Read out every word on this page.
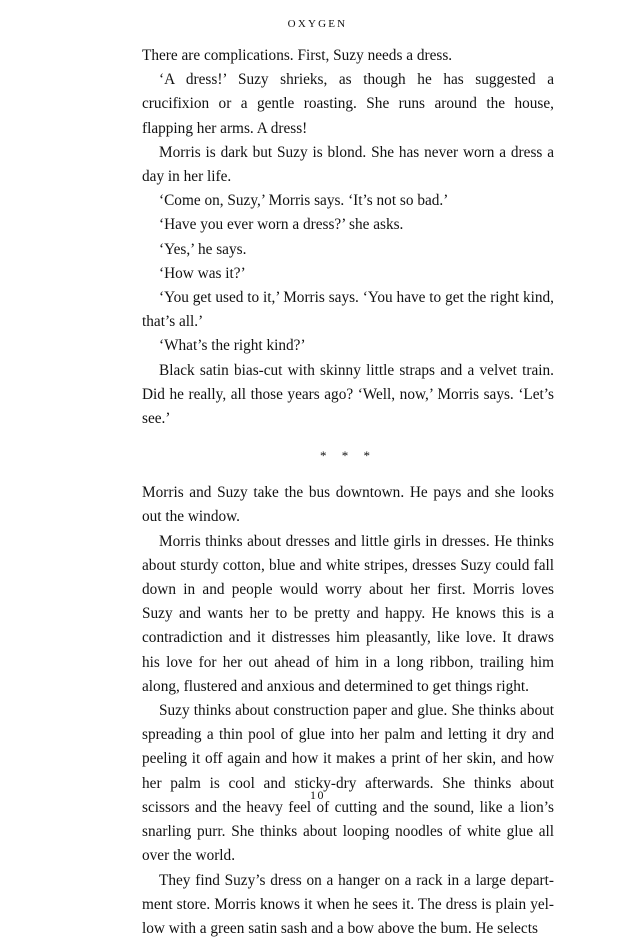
OXYGEN

There are complications. First, Suzy needs a dress.

‘A dress!’ Suzy shrieks, as though he has suggested a crucifixion or a gentle roasting. She runs around the house, flapping her arms. A dress!

Morris is dark but Suzy is blond. She has never worn a dress a day in her life.

‘Come on, Suzy,’ Morris says. ‘It’s not so bad.’

‘Have you ever worn a dress?’ she asks.

‘Yes,’ he says.

‘How was it?’

‘You get used to it,’ Morris says. ‘You have to get the right kind, that’s all.’

‘What’s the right kind?’

Black satin bias-cut with skinny little straps and a velvet train. Did he really, all those years ago? ‘Well, now,’ Morris says. ‘Let’s see.’

* * *

Morris and Suzy take the bus downtown. He pays and she looks out the window.

Morris thinks about dresses and little girls in dresses. He thinks about sturdy cotton, blue and white stripes, dresses Suzy could fall down in and people would worry about her first. Morris loves Suzy and wants her to be pretty and happy. He knows this is a contradiction and it distresses him pleasantly, like love. It draws his love for her out ahead of him in a long ribbon, trailing him along, flustered and anxious and determined to get things right.

Suzy thinks about construction paper and glue. She thinks about spreading a thin pool of glue into her palm and letting it dry and peeling it off again and how it makes a print of her skin, and how her palm is cool and sticky-dry afterwards. She thinks about scissors and the heavy feel of cutting and the sound, like a lion’s snarling purr. She thinks about looping noodles of white glue all over the world.

They find Suzy’s dress on a hanger on a rack in a large department store. Morris knows it when he sees it. The dress is plain yellow with a green satin sash and a bow above the bum. He selects

10
